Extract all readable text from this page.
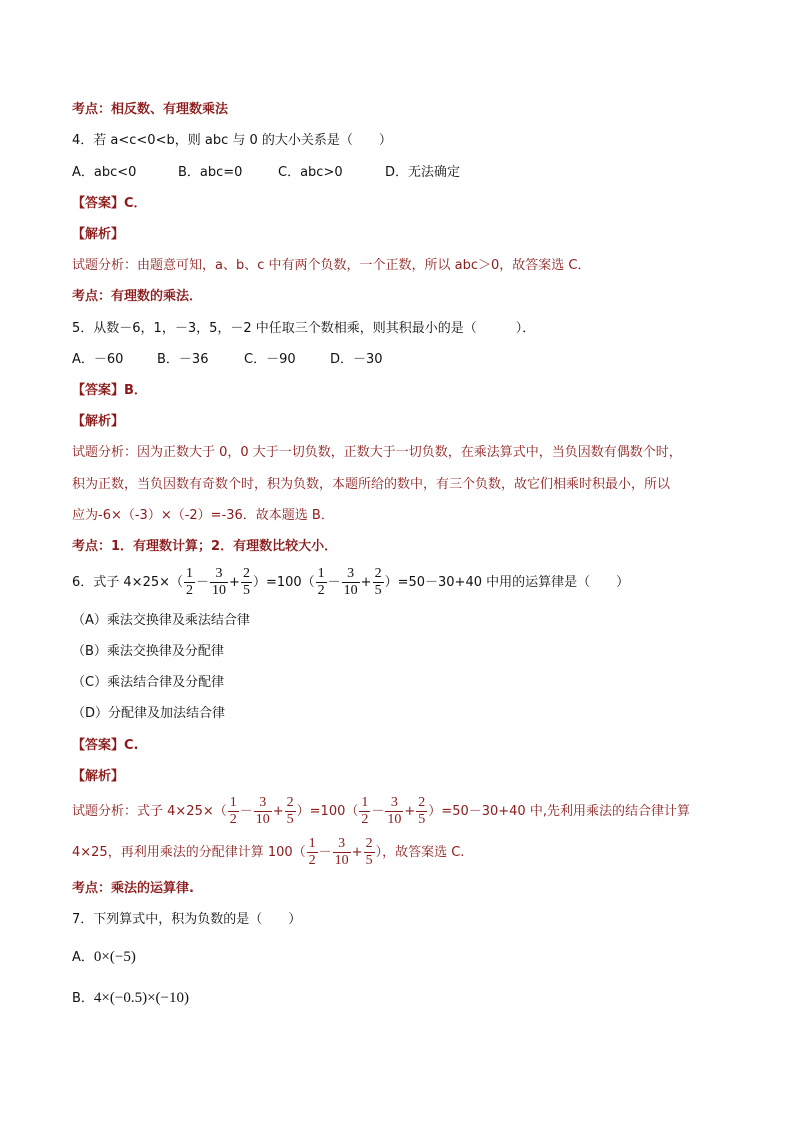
考点：相反数、有理数乘法
4．若 a<c<0<b，则 abc 与 0 的大小关系是（　　）
A．abc<0	B．abc=0	C．abc>0	D．无法确定
【答案】C．
【解析】
试题分析：由题意可知，a、b、c 中有两个负数，一个正数，所以 abc＞0，故答案选 C．
考点：有理数的乘法．
5．从数－6，1，－3，5，－2 中任取三个数相乘，则其积最小的是（　　　）．
A．－60	B．－36	C．－90	D．－30
【答案】B．
【解析】
试题分析：因为正数大于 0，0 大于一切负数，正数大于一切负数，在乘法算式中，当负因数有偶数个时，
积为正数，当负因数有奇数个时，积为负数，本题所给的数中，有三个负数，故它们相乘时积最小，所以
应为-6×（-3）×（-2）=-36．故本题选 B．
考点：1．有理数计算；2．有理数比较大小．
6．式子 $4\times 25\times( \frac{1}{2} - \frac{3}{10} + \frac{2}{5} )=100( \frac{1}{2} - \frac{3}{10} + \frac{2}{5} )=50-30+40$ 中用的运算律是（　　）
（A）乘法交换律及乘法结合律
（B）乘法交换律及分配律
（C）乘法结合律及分配律
（D）分配律及加法结合律
【答案】C.
【解析】
试题分析：式子 $4\times 25\times( \frac{1}{2} - \frac{3}{10} + \frac{2}{5} )=100( \frac{1}{2} - \frac{3}{10} + \frac{2}{5} )=50-30+40$ 中,先利用乘法的结合律计算
4×25，再利用乘法的分配律计算 $100( \frac{1}{2} - \frac{3}{10} + \frac{2}{5}$ ），故答案选 C.
考点：乘法的运算律.
7．下列算式中，积为负数的是（　　）
A．0×(−5)
B．4×(−0.5)×(−10)
